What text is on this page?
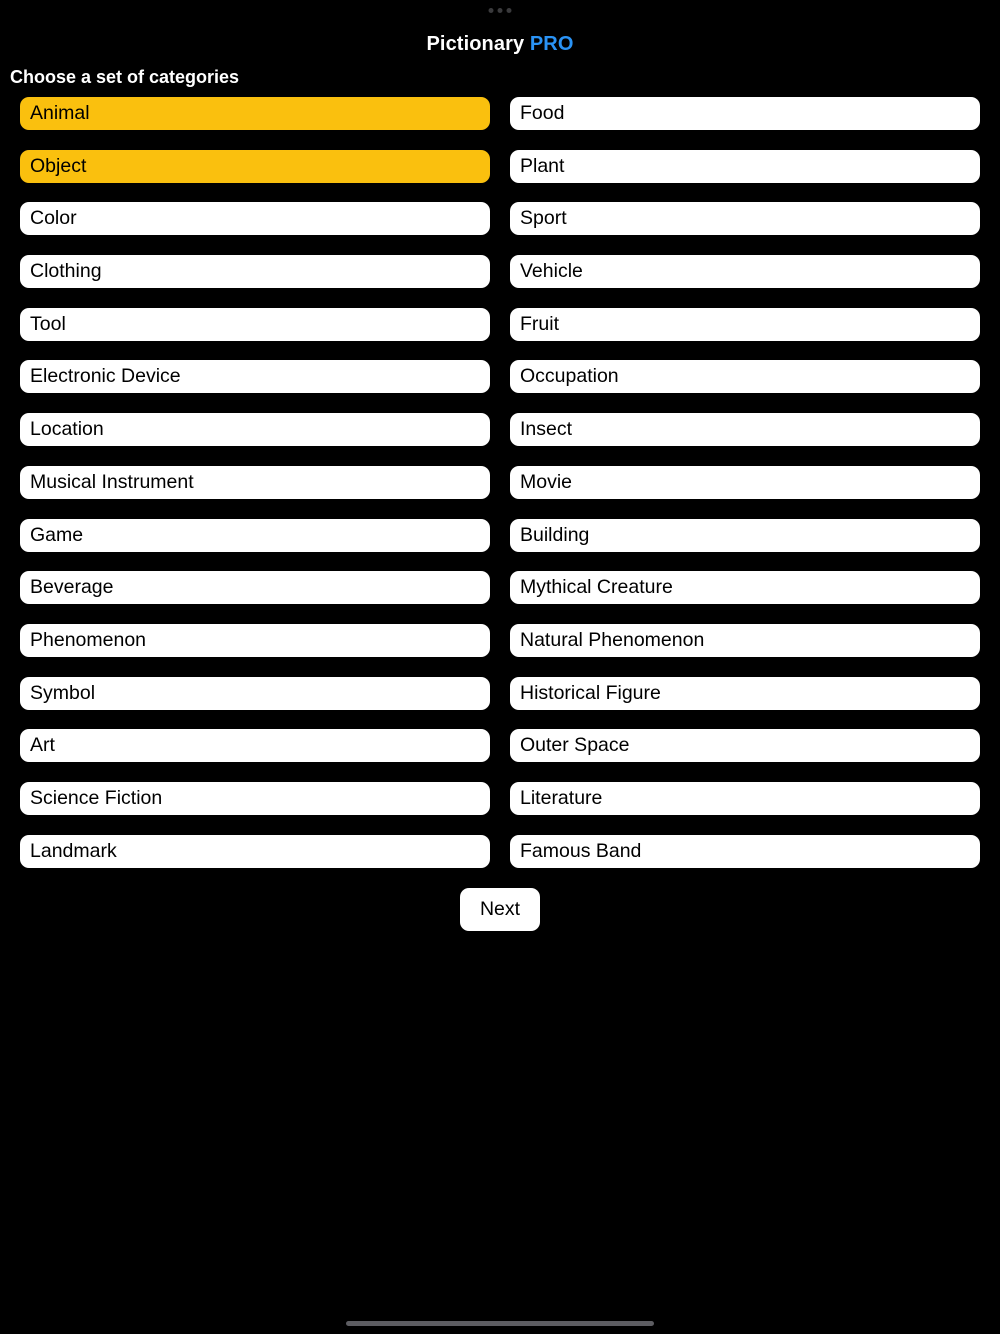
Pictionary PRO
Choose a set of categories
Animal	Food
Object	Plant
Color	Sport
Clothing	Vehicle
Tool	Fruit
Electronic Device	Occupation
Location	Insect
Musical Instrument	Movie
Game	Building
Beverage	Mythical Creature
Phenomenon	Natural Phenomenon
Symbol	Historical Figure
Art	Outer Space
Science Fiction	Literature
Landmark	Famous Band
Next
